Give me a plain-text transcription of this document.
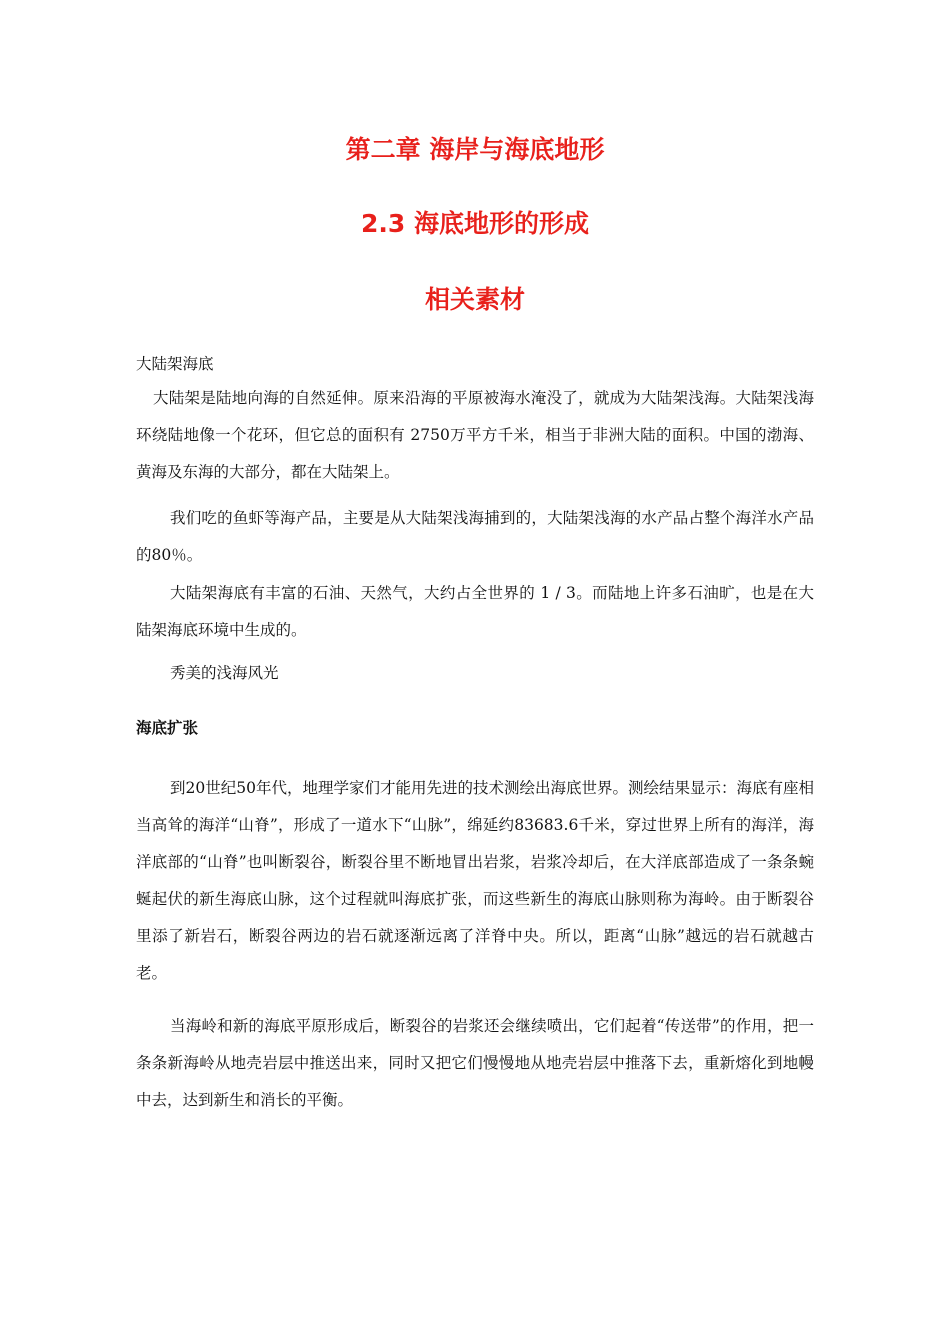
第二章 海岸与海底地形
2.3 海底地形的形成
相关素材
大陆架海底

大陆架是陆地向海的自然延伸。原来沿海的平原被海水淹没了，就成为大陆架浅海。大陆架浅海环绕陆地像一个花环，但它总的面积有 2750万平方千米，相当于非洲大陆的面积。中国的渤海、黄海及东海的大部分，都在大陆架上。

我们吃的鱼虾等海产品，主要是从大陆架浅海捕到的，大陆架浅海的水产品占整个海洋水产品的80％。

大陆架海底有丰富的石油、天然气，大约占全世界的 1 / 3。而陆地上许多石油旷，也是在大陆架海底环境中生成的。

秀美的浅海风光

海底扩张

到20世纪50年代，地理学家们才能用先进的技术测绘出海底世界。测绘结果显示：海底有座相当高耸的海洋“山脊”，形成了一道水下“山脉”，绵延约83683.6千米，穿过世界上所有的海洋，海洋底部的“山脊”也叫断裂谷，断裂谷里不断地冒出岩浆，岩浆冷却后，在大洋底部造成了一条条蜿蜒起伏的新生海底山脉，这个过程就叫海底扩张，而这些新生的海底山脉则称为海岭。由于断裂谷里添了新岩石，断裂谷两边的岩石就逐渐远离了洋脊中央。所以，距离“山脉”越远的岩石就越古老。

当海岭和新的海底平原形成后，断裂谷的岩浆还会继续喷出，它们起着“传送带”的作用，把一条条新海岭从地壳岩层中推送出来，同时又把它们慢慢地从地壳岩层中推落下去，重新熔化到地幔中去，达到新生和消长的平衡。
